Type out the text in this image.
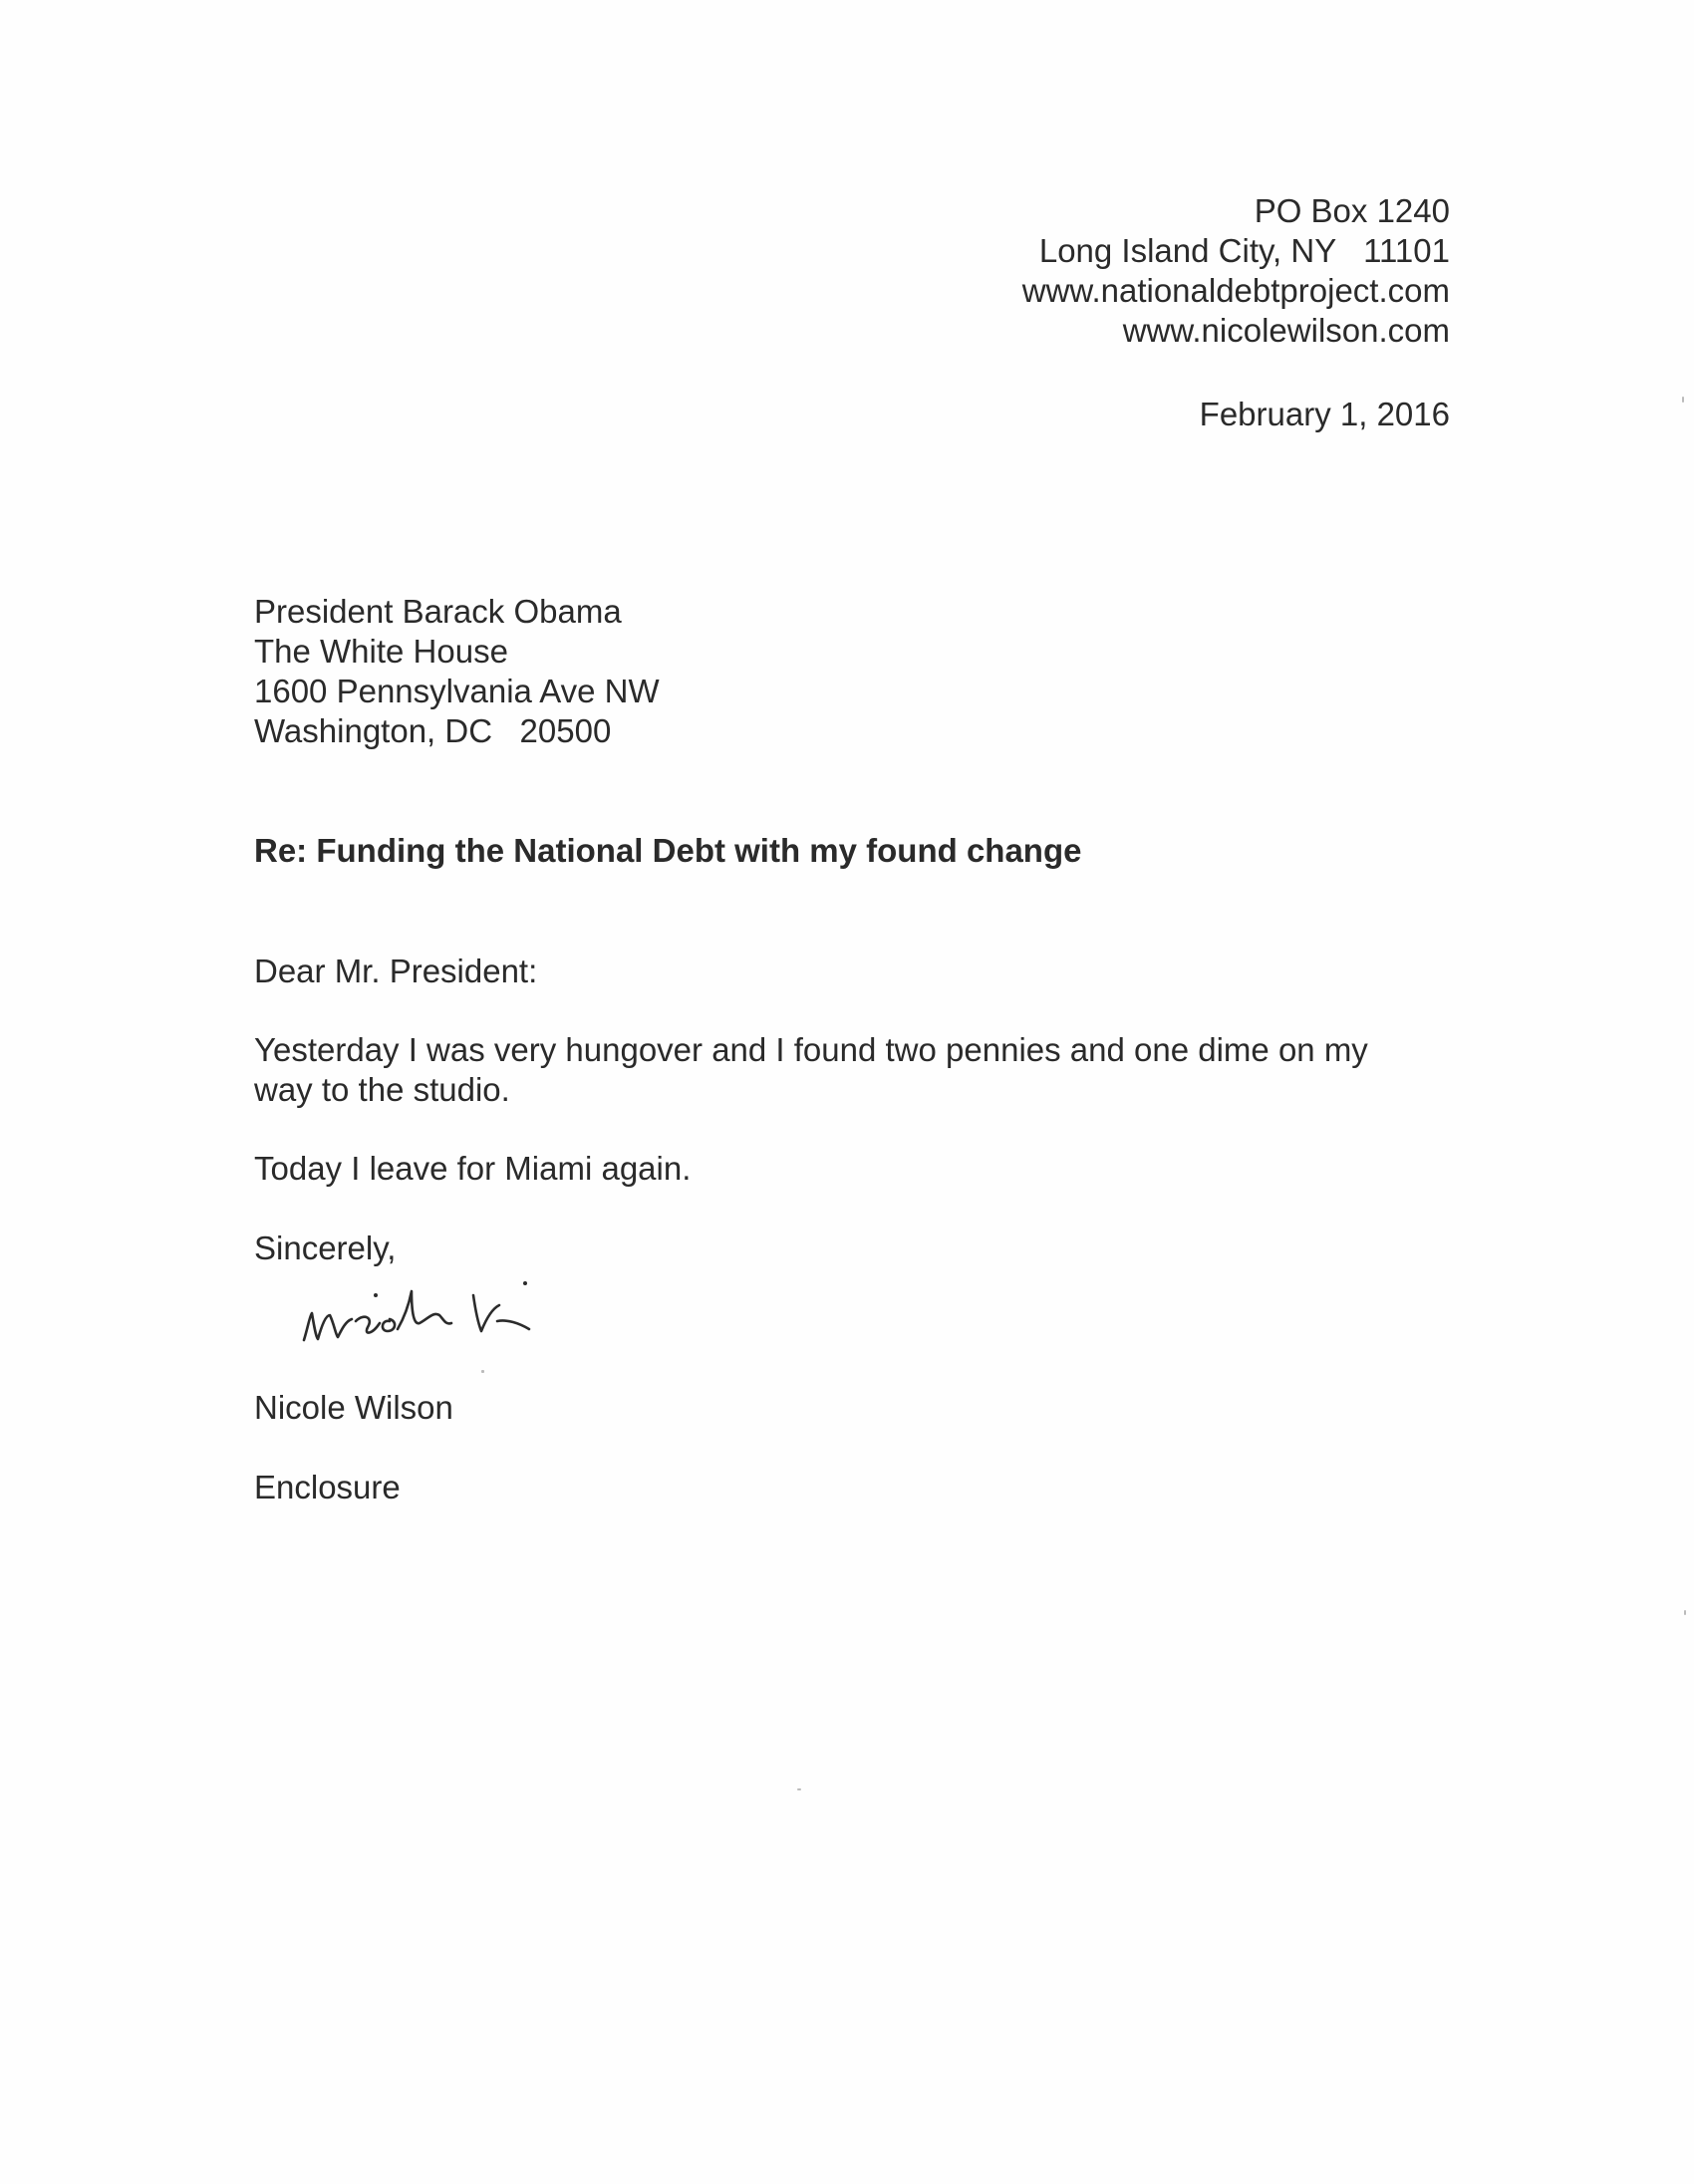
PO Box 1240
Long Island City, NY   11101
www.nationaldebtproject.com
www.nicolewilson.com
February 1, 2016
President Barack Obama
The White House
1600 Pennsylvania Ave NW
Washington, DC   20500
Re: Funding the National Debt with my found change
Dear Mr. President:
Yesterday I was very hungover and I found two pennies and one dime on my way to the studio.
Today I leave for Miami again.
Sincerely,
Nicole Wilson
Enclosure
